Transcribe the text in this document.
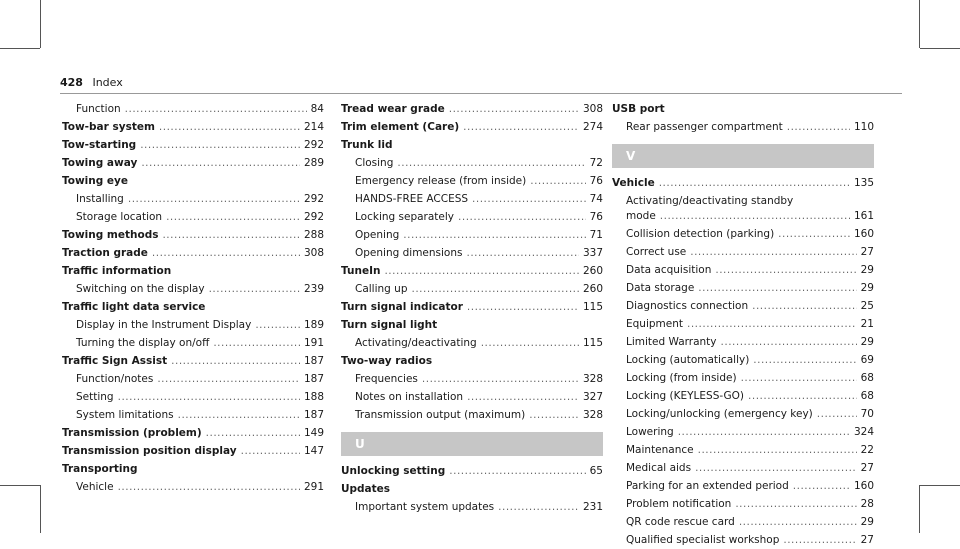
428 Index
Function .....	84
Tow-bar system .....	214
Tow-starting .....	292
Towing away .....	289
Towing eye
Installing .....	292
Storage location .....	292
Towing methods .....	288
Traction grade .....	308
Traffic information
Switching on the display .....	239
Traffic light data service
Display in the Instrument Display .....	189
Turning the display on/off .....	191
Traffic Sign Assist .....	187
Function/notes .....	187
Setting .....	188
System limitations .....	187
Transmission (problem) .....	149
Transmission position display .....	147
Transporting
Vehicle .....	291
Tread wear grade .....	308
Trim element (Care) .....	274
Trunk lid
Closing .....	72
Emergency release (from inside) .....	76
HANDS-FREE ACCESS .....	74
Locking separately .....	76
Opening .....	71
Opening dimensions .....	337
TuneIn .....	260
Calling up .....	260
Turn signal indicator .....	115
Turn signal light
Activating/deactivating .....	115
Two-way radios
Frequencies .....	328
Notes on installation .....	327
Transmission output (maximum) .....	328
U
Unlocking setting .....	65
Updates
Important system updates .....	231
USB port
Rear passenger compartment .....	110
V
Vehicle .....	135
Activating/deactivating standby
mode .....	161
Collision detection (parking) .....	160
Correct use .....	27
Data acquisition .....	29
Data storage .....	29
Diagnostics connection .....	25
Equipment .....	21
Limited Warranty .....	29
Locking (automatically) .....	69
Locking (from inside) .....	68
Locking (KEYLESS-GO) .....	68
Locking/unlocking (emergency key) .....	70
Lowering .....	324
Maintenance .....	22
Medical aids .....	27
Parking for an extended period .....	160
Problem notification .....	28
QR code rescue card .....	29
Qualified specialist workshop .....	27
